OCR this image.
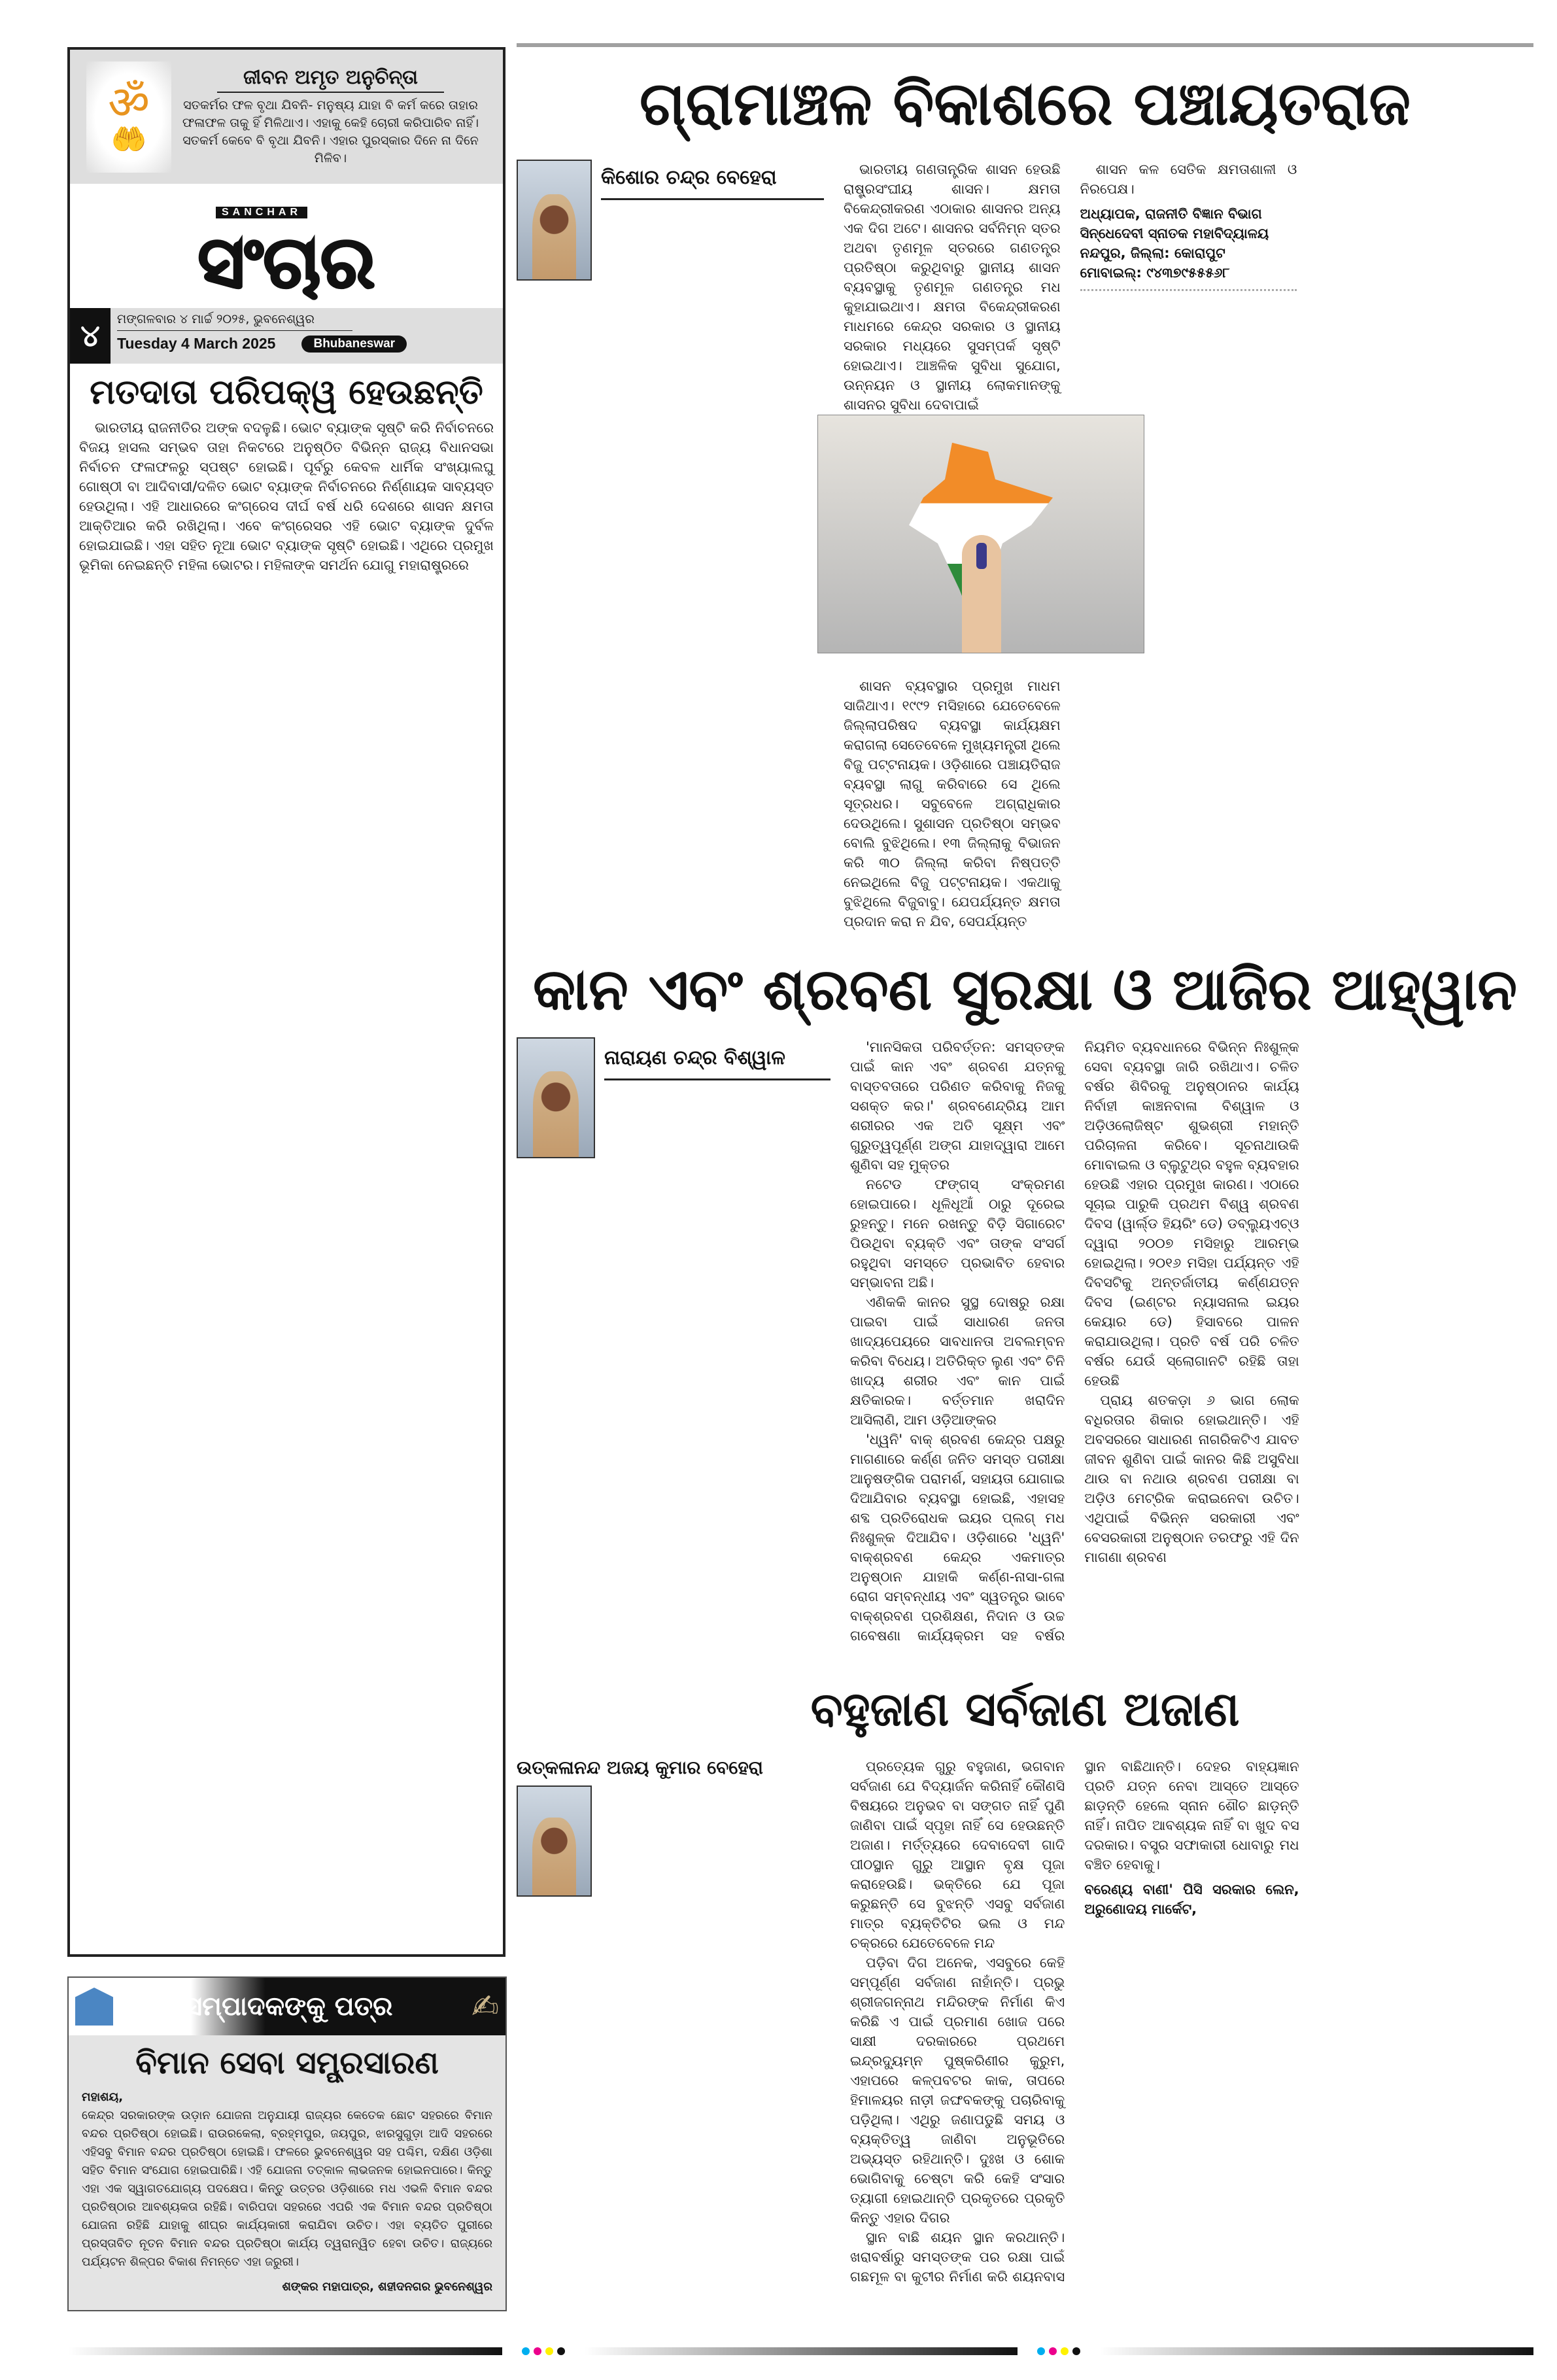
ॐ
🤲
ଜୀବନ ଅମୃତ ଅନୁଚିନ୍ତା
ସତକର୍ମର ଫଳ ବୃଥା ଯିବନି- ମନୁଷ୍ୟ ଯାହା ବି କର୍ମ କରେ ତାହାର ଫଳାଫଳ ତାକୁ ହିଁ ମିଳିଥାଏ। ଏହାକୁ କେହି ଚୋରୀ କରିପାରିବ ନାହିଁ। ସତକର୍ମ କେବେ ବି ବୃଥା ଯିବନି। ଏହାର ପୁରସ୍କାର ଦିନେ ନା ଦିନେ ମିଳିବ।
SANCHAR
ସଂଚାର
୪	ମଙ୍ଗଳବାର ୪ ମାର୍ଚ୍ଚ ୨୦୨୫, ଭୁବନେଶ୍ୱର
Tuesday 4 March 2025	Bhubaneswar
ମତଦାତା ପରିପକ୍ୱ ହେଉଛନ୍ତି

ଭାରତୀୟ ରାଜନୀତିର ଅଙ୍କ ବଦଳୁଛି। ଭୋଟ ବ୍ୟାଙ୍କ ସୃଷ୍ଟି କରି ନିର୍ବାଚନରେ ବିଜୟ ହାସଲ ସମ୍ଭବ ତାହା ନିକଟରେ ଅନୁଷ୍ଠିତ ବିଭିନ୍ନ ରାଜ୍ୟ ବିଧାନସଭା ନିର୍ବାଚନ ଫଳାଫଳରୁ ସ୍ପଷ୍ଟ ହୋଇଛି। ପୂର୍ବରୁ କେବଳ ଧାର୍ମିକ ସଂଖ୍ୟାଲଘୁ ଗୋଷ୍ଠୀ ବା ଆଦିବାସୀ/ଦଳିତ ଭୋଟ ବ୍ୟାଙ୍କ ନିର୍ବାଚନରେ ନିର୍ଣ୍ଣାୟକ ସାବ୍ୟସ୍ତ ହେଉଥିଲା। ଏହି ଆଧାରରେ କଂଗ୍ରେସ ଦୀର୍ଘ ବର୍ଷ ଧରି ଦେଶରେ ଶାସନ କ୍ଷମତା ଆକ୍ତିଆର କରି ରଖିଥିଲା। ଏବେ କଂଗ୍ରେସର ଏହି ଭୋଟ ବ୍ୟାଙ୍କ ଦୁର୍ବଳ ହୋଇଯାଇଛି। ଏହା ସହିତ ନୂଆ ଭୋଟ ବ୍ୟାଙ୍କ ସୃଷ୍ଟି ହୋଇଛି। ଏଥିରେ ପ୍ରମୁଖ ଭୂମିକା ନେଇଛନ୍ତି ମହିଳା ଭୋଟର। ମହିଳାଙ୍କ ସମର୍ଥନ ଯୋଗୁ ମହାରାଷ୍ଟ୍ରରେ

ସମ୍ପାଦକଙ୍କୁ ପତ୍ର ✍
ବିମାନ ସେବା ସମ୍ପ୍ରସାରଣ
ମହାଶୟ,
କେନ୍ଦ୍ର ସରକାରଙ୍କ ଉଡ଼ାନ ଯୋଜନା ଅନୁଯାୟୀ ରାଜ୍ୟର କେତେକ ଛୋଟ ସହରରେ ବିମାନ ବନ୍ଦର ପ୍ରତିଷ୍ଠା ହୋଇଛି। ରାଉରକେଲା, ବ୍ରହ୍ମପୁର, ଜୟପୁର, ଝାରସୁଗୁଡ଼ା ଆଦି ସହରରେ ଏହିସବୁ ବିମାନ ବନ୍ଦର ପ୍ରତିଷ୍ଠା ହୋଇଛି। ଫଳରେ ଭୁବନେଶ୍ୱର ସହ ପଶ୍ଚିମ, ଦକ୍ଷିଣ ଓଡ଼ିଶା ସହିତ ବିମାନ ସଂଯୋଗ ହୋଇପାରିଛି। ଏହି ଯୋଜନା ତତ୍କାଳ ଲାଭଜନକ ହୋଇନପାରେ। କିନ୍ତୁ ଏହା ଏକ ସ୍ୱାଗତଯୋଗ୍ୟ ପଦକ୍ଷେପ। କିନ୍ତୁ ଉତ୍ତର ଓଡ଼ିଶାରେ ମଧ ଏଭଳି ବିମାନ ବନ୍ଦର ପ୍ରତିଷ୍ଠାର ଆବଶ୍ୟକତା ରହିଛି। ବାରିପଦା ସହରରେ ଏପରି ଏକ ବିମାନ ବନ୍ଦର ପ୍ରତିଷ୍ଠା ଯୋଜନା ରହିଛି ଯାହାକୁ ଶୀଘ୍ର କାର୍ଯ୍ୟକାରୀ କରାଯିବା ଉଚିତ। ଏହା ବ୍ୟତିତ ପୁରୀରେ ପ୍ରସ୍ତାବିତ ନୂତନ ବିମାନ ବନ୍ଦର ପ୍ରତିଷ୍ଠା କାର୍ଯ୍ୟ ତ୍ୱରାନ୍ୱିତ ହେବା ଉଚିତ। ରାଜ୍ୟରେ ପର୍ଯ୍ୟଟନ ଶିଳ୍ପର ବିକାଶ ନିମନ୍ତେ ଏହା ଜରୁରୀ।
ଶଙ୍କର ମହାପାତ୍ର, ଶହୀଦନଗର ଭୁବନେଶ୍ୱର
ଗ୍ରାମାଞ୍ଚଳ ବିକାଶରେ ପଞ୍ଚାୟତରାଜ
କିଶୋର ଚନ୍ଦ୍ର ବେହେରା	ଭାରତୀୟ ଗଣତାନ୍ତ୍ରିକ ଶାସନ ହେଉଛି ରାଷ୍ଟ୍ରସଂଘୀୟ ଶାସନ। କ୍ଷମତା ବିକେନ୍ଦ୍ରୀକରଣ ଏଠାକାର ଶାସନର ଅନ୍ୟ ଏକ ଦିଗ ଅଟେ। ଶାସନର ସର୍ବନିମ୍ନ ସ୍ତର ଅଥବା ତୃଣମୂଳ ସ୍ତରରେ ଗଣତନ୍ତ୍ର ପ୍ରତିଷ୍ଠା କରୁଥିବାରୁ ସ୍ଥାନୀୟ ଶାସନ ବ୍ୟବସ୍ଥାକୁ ତୃଣମୂଳ ଗଣତନ୍ତ୍ର ମଧ କୁହାଯାଇଥାଏ। କ୍ଷମତା ବିକେନ୍ଦ୍ରୀକରଣ ମାଧମରେ କେନ୍ଦ୍ର ସରକାର ଓ ସ୍ଥାନୀୟ ସରକାର ମଧ୍ୟରେ ସୁସମ୍ପର୍କ ସୃଷ୍ଟି ହୋଇଥାଏ। ଆଞ୍ଚଳିକ ସୁବିଧା ସୁଯୋଗ, ଉନ୍ନୟନ ଓ ସ୍ଥାନୀୟ ଲୋକମାନଙ୍କୁ ଶାସନର ସୁବିଧା ଦେବାପାଇଁ

ଶାସନ ବ୍ୟବସ୍ଥାର ପ୍ରମୁଖ ମାଧମ ସାଜିଥାଏ। ୧୯୯୨ ମସିହାରେ ଯେତେବେଳେ ଜିଲ୍ଲାପରିଷଦ ବ୍ୟବସ୍ଥା କାର୍ଯ୍ୟକ୍ଷମ କରାଗଲା ସେତେବେଳେ ମୁଖ୍ୟମନ୍ତ୍ରୀ ଥିଲେ ବିଜୁ ପଟ୍ଟନାୟକ। ଓଡ଼ିଶାରେ ପଞ୍ଚାୟତିରାଜ ବ୍ୟବସ୍ଥା ଲାଗୁ କରିବାରେ ସେ ଥିଲେ ସୂତ୍ରଧର। ସବୁବେଳେ ଅଗ୍ରାଧିକାର ଦେଉଥିଲେ। ସୁଶାସନ ପ୍ରତିଷ୍ଠା ସମ୍ଭବ ବୋଲି ବୁଝିଥିଲେ। ୧୩ ଜିଲ୍ଲାକୁ ବିଭାଜନ କରି ୩୦ ଜିଲ୍ଲା କରିବା ନିଷ୍ପତ୍ତି ନେଇଥିଲେ ବିଜୁ ପଟ୍ଟନାୟକ। ଏକଥାକୁ ବୁଝିଥିଲେ ବିଜୁବାବୁ। ଯେପର୍ଯ୍ୟନ୍ତ କ୍ଷମତା ପ୍ରଦାନ କରା ନ ଯିବ, ସେପର୍ଯ୍ୟନ୍ତ

ଶାସନ କଳ ସେତିକ କ୍ଷମତାଶାଳୀ ଓ ନିରପେକ୍ଷ।

ଅଧ୍ୟାପକ, ରାଜନୀତି ବିଜ୍ଞାନ ବିଭାଗ
ସିନ୍ଧେଦେବୀ ସ୍ନାତକ ମହାବିଦ୍ୟାଳୟ
ନନ୍ଦପୁର, ଜିଲ୍ଲା: କୋରାପୁଟ
ମୋବାଇଲ୍: ୯୪୩୭୯୫୫୫୬୮
କାନ ଏବଂ ଶ୍ରବଣ ସୁରକ୍ଷା ଓ ଆଜିର ଆହ୍ୱାନ
ନାରାୟଣ ଚନ୍ଦ୍ର ବିଶ୍ୱାଳ	'ମାନସିକତା ପରିବର୍ତ୍ତନ: ସମସ୍ତଙ୍କ ପାଇଁ କାନ ଏବଂ ଶ୍ରବଣ ଯତ୍ନକୁ ବାସ୍ତବତାରେ ପରିଣତ କରିବାକୁ ନିଜକୁ ସଶକ୍ତ କର।' ଶ୍ରବଣେନ୍ଦ୍ରିୟ ଆମ ଶରୀରର ଏକ ଅତି ସୂକ୍ଷ୍ମ ଏବଂ ଗୁରୁତ୍ୱପୂର୍ଣ୍ଣ ଅଙ୍ଗ ଯାହାଦ୍ୱାରା ଆମେ ଶୁଣିବା ସହ ମୁକ୍ତର

ନଟେଡ ଫଙ୍ଗସ୍ ସଂକ୍ରମଣ ହୋଇପାରେ। ଧୂଳିଧୂଆଁ ଠାରୁ ଦୂରେଇ ରୁହନ୍ତୁ। ମନେ ରଖନ୍ତୁ ବିଡ଼ି ସିଗାରେଟ ପିଉଥିବା ବ୍ୟକ୍ତି ଏବଂ ତାଙ୍କ ସଂସର୍ଗ ରହୁଥିବା ସମସ୍ତେ ପ୍ରଭାବିତ ହେବାର ସମ୍ଭାବନା ଅଛି।

ଏଣିକକି କାନର ସୁସ୍ଥ ଦୋଷରୁ ରକ୍ଷା ପାଇବା ପାଇଁ ସାଧାରଣ ଜନତା ଖାଦ୍ୟପେୟରେ ସାବଧାନତା ଅବଲମ୍ବନ କରିବା ବିଧେୟ। ଅତିରିକ୍ତ ଲୁଣ ଏବଂ ଚିନି ଖାଦ୍ୟ ଶରୀର ଏବଂ କାନ ପାଇଁ କ୍ଷତିକାରକ। ବର୍ତ୍ତମାନ ଖରାଦିନ ଆସିଲାଣି, ଆମ ଓଡ଼ିଆଙ୍କର

'ଧ୍ୱନି' ବାକ୍ ଶ୍ରବଣ କେନ୍ଦ୍ର ପକ୍ଷରୁ ମାଗଣାରେ କର୍ଣ୍ଣ ଜନିତ ସମସ୍ତ ପରୀକ୍ଷା ଆନୁଷଙ୍ଗିକ ପରାମର୍ଶ, ସହାୟତା ଯୋଗାଇ ଦିଆଯିବାର ବ୍ୟବସ୍ଥା ହୋଇଛି, ଏହାସହ ଶବ୍ଦ ପ୍ରତିରୋଧକ ଇୟର ପ୍ଲଗ୍ ମଧ ନିଃଶୁଳ୍କ ଦିଆଯିବ। ଓଡ଼ିଶାରେ 'ଧ୍ୱନି' ବାକ୍‌ଶ୍ରବଣ କେନ୍ଦ୍ର ଏକମାତ୍ର ଅନୁଷ୍ଠାନ ଯାହାକି କର୍ଣ୍ଣ-ନାସା-ଗଳା ରୋଗ ସମ୍ବନ୍ଧୀୟ ଏବଂ ସ୍ୱତନ୍ତ୍ର ଭାବେ ବାକ୍‌ଶ୍ରବଣ ପ୍ରଶିକ୍ଷଣ, ନିଦାନ ଓ ଉଚ୍ଚ ଗବେଷଣା କାର୍ଯ୍ୟକ୍ରମ ସହ ବର୍ଷର ନିୟମିତ ବ୍ୟବଧାନରେ ବିଭିନ୍ନ ନିଃଶୁଳ୍କ ସେବା ବ୍ୟବସ୍ଥା ଜାରି ରଖିଥାଏ। ଚଳିତ ବର୍ଷର ଶିବିରକୁ ଅନୁଷ୍ଠାନର କାର୍ଯ୍ୟ ନିର୍ବାହୀ କାଞ୍ଚନବାଳା ବିଶ୍ୱାଳ ଓ ଅଡ଼ିଓଲୋଜିଷ୍ଟ ଶୁଭଶ୍ରୀ ମହାନ୍ତି ପରିଚାଳନା କରିବେ। ସୂଚନାଥାଉକି ମୋବାଇଲ ଓ ବ୍ଲୁଟୁଥ୍‌ର ବହୁଳ ବ୍ୟବହାର ହେଉଛି ଏହାର ପ୍ରମୁଖ କାରଣ। ଏଠାରେ ସୂଚାଇ ପାରୁକି ପ୍ରଥମ ବିଶ୍ୱ ଶ୍ରବଣ ଦିବସ (ୱାର୍ଲ୍ଡ ହିୟରିଂ ଡେ) ଡବ୍ଲ୍ୟୁଏଚ୍‌ଓ ଦ୍ୱାରା ୨୦୦୭ ମସିହାରୁ ଆରମ୍ଭ ହୋଇଥିଲା। ୨୦୧୬ ମସିହା ପର୍ଯ୍ୟନ୍ତ ଏହି ଦିବସଟିକୁ ଅନ୍ତର୍ଜାତୀୟ କର୍ଣ୍ଣଯତ୍ନ ଦିବସ (ଇଣ୍ଟର ନ୍ୟାସନାଲ ଇୟର କେୟାର ଡେ) ହିସାବରେ ପାଳନ କରାଯାଉଥିଲା। ପ୍ରତି ବର୍ଷ ପରି ଚଳିତ ବର୍ଷର ଯେଉଁ ସ୍ଲୋଗାନଟି ରହିଛି ତାହା ହେଉଛି

ପ୍ରାୟ ଶତକଡ଼ା ୬ ଭାଗ ଲୋକ ବଧିରତାର ଶିକାର ହୋଇଥାନ୍ତି। ଏହି ଅବସରରେ ସାଧାରଣ ନାଗରିକଟିଏ ଯାବତ ଜୀବନ ଶୁଣିବା ପାଇଁ କାନର କିଛି ଅସୁବିଧା ଥାଉ ବା ନଥାଉ ଶ୍ରବଣ ପରୀକ୍ଷା ବା ଅଡ଼ିଓ ମେଟ୍ରିକ କରାଇନେବା ଉଚିତ। ଏଥିପାଇଁ ବିଭିନ୍ନ ସରକାରୀ ଏବଂ ବେସରକାରୀ ଅନୁଷ୍ଠାନ ତରଫରୁ ଏହି ଦିନ ମାଗଣା ଶ୍ରବଣ

ବହୁଜାଣ ସର୍ବଜାଣ ଅଜାଣ
ଉତ୍କଳାନନ୍ଦ ଅଜୟ କୁମାର ବେହେରା	ପ୍ରତ୍ୟେକ ଗୁରୁ ବହୁଜାଣ, ଭଗବାନ ସର୍ବଜାଣ ଯେ ବିଦ୍ୟାର୍ଜନ କରିନାହିଁ କୌଣସି ବିଷୟରେ ଅନୁଭବ ବା ସଙ୍ଗତ ନାହିଁ ପୁଣି ଜାଣିବା ପାଇଁ ସ୍ପୃହା ନାହିଁ ସେ ହେଉଛନ୍ତି ଅଜାଣ। ମର୍ତ୍ତ୍ୟରେ ଦେବାଦେବୀ ଗାଦି ପୀଠସ୍ଥାନ ଗୁରୁ ଆସ୍ଥାନ ବୃକ୍ଷ ପୂଜା କରାହେଉଛି। ଭକ୍ତିରେ ଯେ ପୂଜା କରୁଛନ୍ତି ସେ ବୁଝନ୍ତି ଏସବୁ ସର୍ବଜାଣ ମାତ୍ର ବ୍ୟକ୍ତିଟିର ଭଲ ଓ ମନ୍ଦ ଚକ୍ରରେ ଯେତେବେଳେ ମନ୍ଦ

ପଡ଼ିବା ଦିଗ ଅନେକ, ଏସବୁରେ କେହି ସମ୍ପୂର୍ଣ୍ଣ ସର୍ବଜାଣ ନାହାଁନ୍ତି। ପ୍ରଭୁ ଶ୍ରୀଜଗନ୍ନାଥ ମନ୍ଦିରଙ୍କ ନିର୍ମାଣ କିଏ କରିଛି ଏ ପାଇଁ ପ୍ରମାଣ ଖୋଜ ପରେ ସାକ୍ଷୀ ଦରକାରରେ ପ୍ରଥମେ ଇନ୍ଦ୍ରଦ୍ୟୁମ୍ନ ପୁଷ୍କରିଣୀର କୁରୁମ, ଏହାପରେ କଳ୍ପବଟର କାକ, ତାପରେ ହିମାଳୟର ନାଡ଼ୀ ଜଙ୍ଘବକଙ୍କୁ ପଚାରିବାକୁ ପଡ଼ିଥିଲା। ଏଥିରୁ ଜଣାପଡୁଛି ସମୟ ଓ ବ୍ୟକ୍ତିତ୍ୱ ଜାଣିବା ଅନୁଭୂତିରେ ଅଭ୍ୟସ୍ତ ରହିଥାନ୍ତି। ଦୁଃଖ ଓ ଶୋକ ଭୋଗିବାକୁ ଚେଷ୍ଟା କରି କେହି ସଂସାର ତ୍ୟାଗୀ ହୋଇଥାନ୍ତି ପ୍ରକୃତରେ ପ୍ରକୃତି କିନ୍ତୁ ଏହାର ଦିଗର

ସ୍ଥାନ ବାଛି ଶୟନ ସ୍ଥାନ କରଥାନ୍ତି। ଖରାବର୍ଷାରୁ ସମସ୍ତଙ୍କ ପର ରକ୍ଷା ପାଇଁ ଗଛମୂଳ ବା କୁଟୀର ନିର୍ମାଣ କରି ଶୟନବାସ ସ୍ଥାନ ବାଛିଥାନ୍ତି। ଦେହର ବାହ୍ୟଜ୍ଞାନ ପ୍ରତି ଯତ୍ନ ନେବା ଆସ୍ତେ ଆସ୍ତେ ଛାଡ଼ନ୍ତି ହେଲେ ସ୍ନାନ ଶୌଚ ଛାଡ଼ନ୍ତି ନାହିଁ। ନାପିତ ଆବଶ୍ୟକ ନାହିଁ ବା ଖୁଦ ବସ ଦରକାର। ବସ୍ତ୍ର ସଫାକାରୀ ଧୋବାରୁ ମଧ ବଞ୍ଚିତ ହେବାକୁ।

ବରେଣ୍ୟ ବାଣୀ' ପିସି ସରକାର ଲେନ, ଅରୁଣୋଦୟ ମାର୍କେଟ,
